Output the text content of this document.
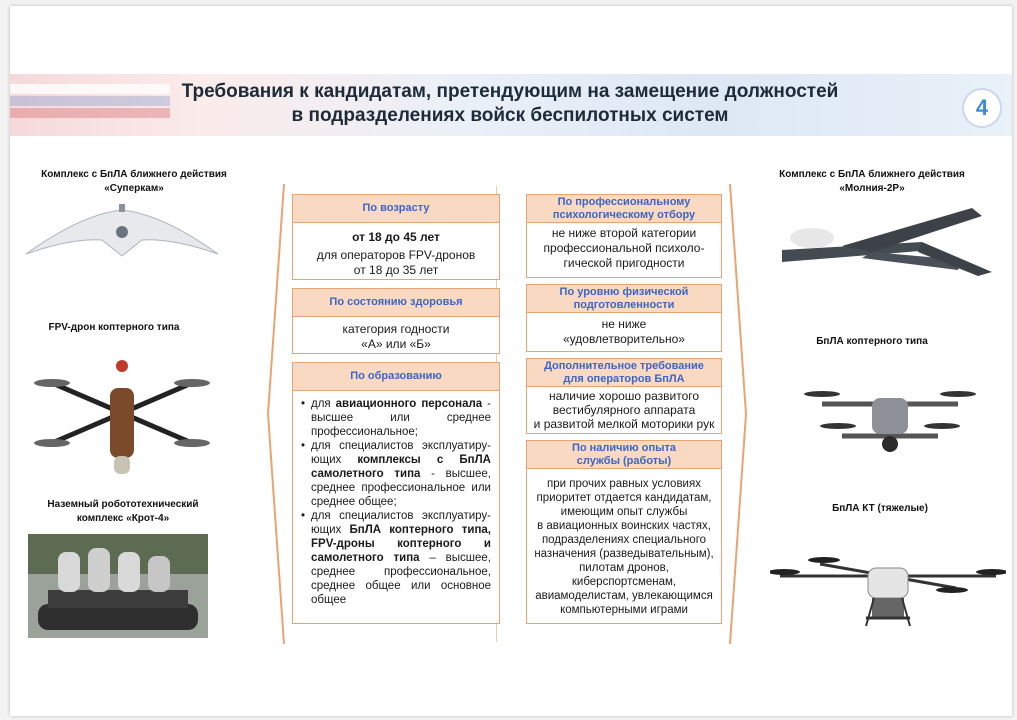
Требования к кандидатам, претендующим на замещение должностей
в подразделениях войск беспилотных систем	4
Комплекс с БпЛА ближнего действия «Суперкам»
FPV-дрон коптерного типа
Наземный робототехнический комплекс «Крот-4»
Комплекс с БпЛА ближнего действия «Молния-2Р»
БпЛА коптерного типа
БпЛА КТ (тяжелые)
По возрасту
от 18 до 45 лет
для операторов FPV-дронов
от 18 до 35 лет
По состоянию здоровья
категория годности
«А» или «Б»
По образованию
• для авиационного персонала - высшее или среднее профессиональное;
• для специалистов эксплуатиру-ющих комплексы с БпЛА самолетного типа - высшее, среднее профессиональное или среднее общее;
• для специалистов эксплуатиру-ющих БпЛА коптерного типа, FPV-дроны коптерного и самолетного типа – высшее, среднее профессиональное, среднее общее или основное общее
По профессиональному
психологическому отбору
не ниже второй категории
профессиональной психоло-
гической пригодности
По уровню физической
подготовленности
не ниже
«удовлетворительно»
Дополнительное требование
для операторов БпЛА
наличие хорошо развитого
вестибулярного аппарата
и развитой мелкой моторики рук
По наличию опыта
службы (работы)
при прочих равных условиях
приоритет отдается кандидатам,
имеющим опыт службы
в авиационных воинских частях,
подразделениях специального
назначения (разведывательным),
пилотам дронов,
киберспортсменам,
авиамоделистам, увлекающимся
компьютерными играми
